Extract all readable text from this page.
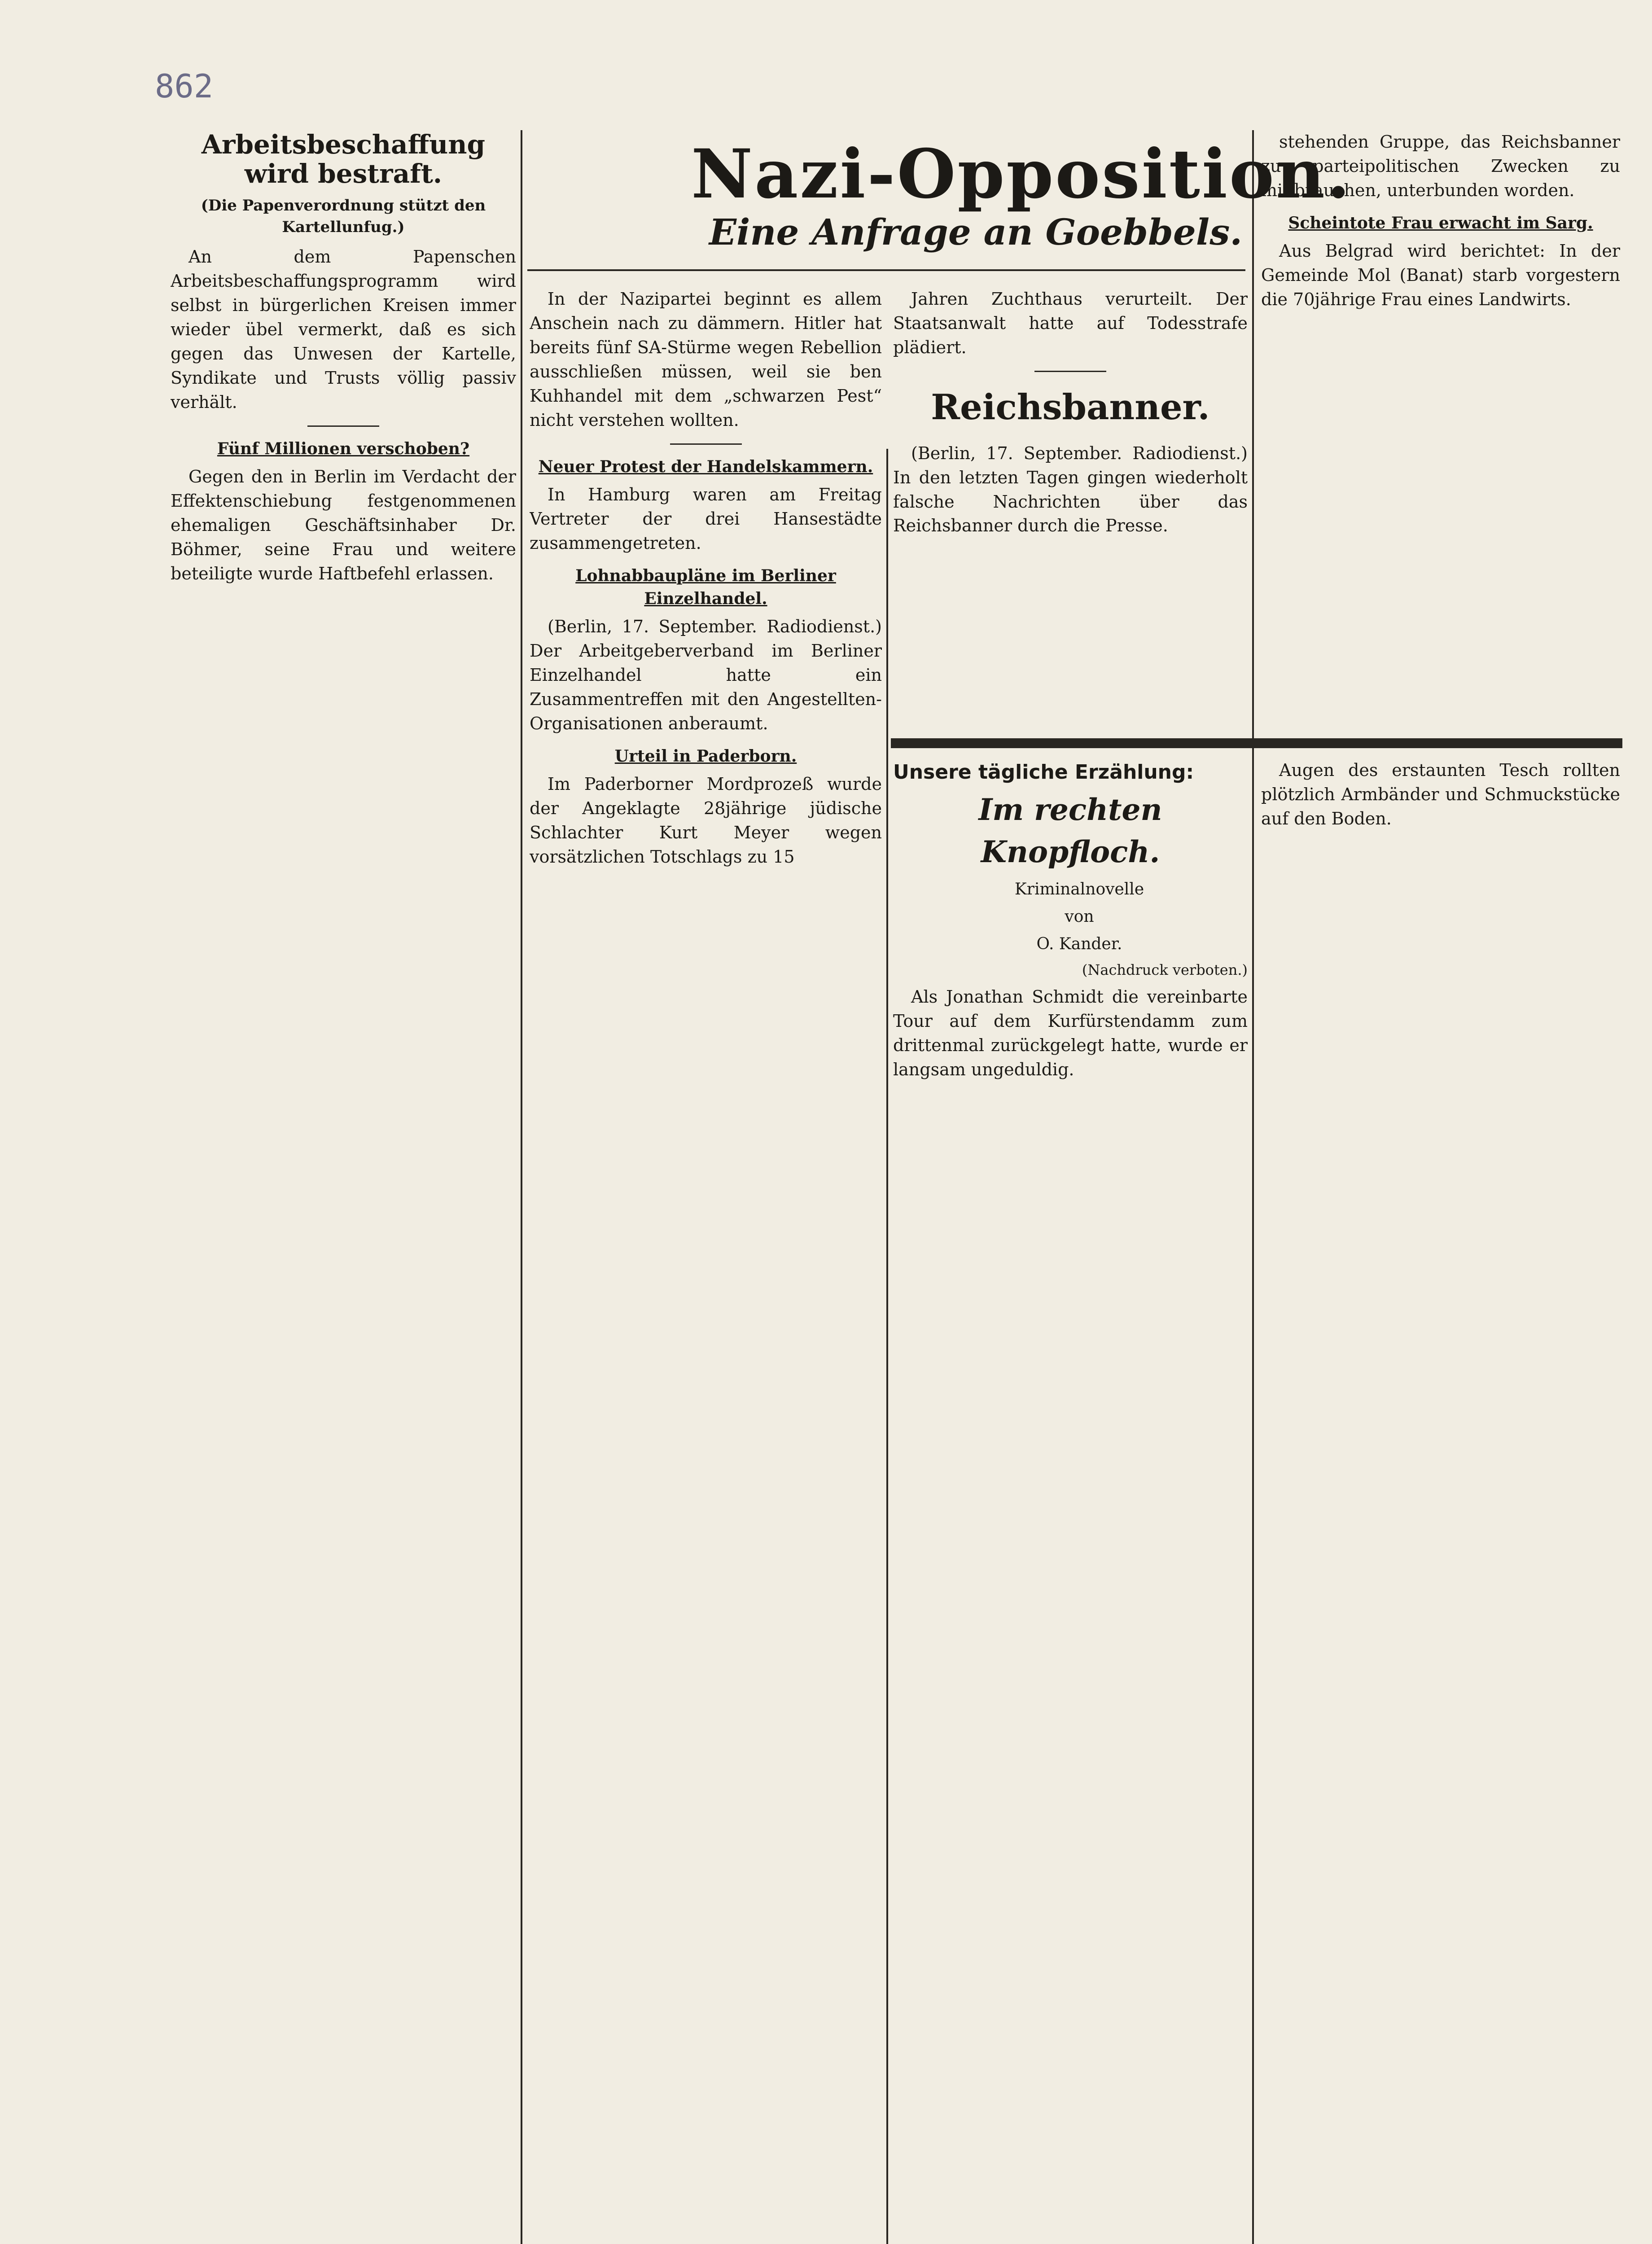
862
Arbeitsbeschaffung wird bestraft.
(Die Papenverordnung stützt den Kartellunfug.)

An dem Papenschen Arbeitsbeschaffungsprogramm wird selbst in bürgerlichen Kreisen immer wieder übel vermerkt, daß es sich gegen das Unwesen der Kartelle, Syndikate und Trusts völlig passiv verhält.

Fünf Millionen verschoben?

Gegen den in Berlin im Verdacht der Effektenschiebung festgenommenen ehemaligen Geschäftsinhaber Dr. Böhmer, seine Frau und weitere beteiligte wurde Haftbefehl erlassen.

Nazi-Opposition.
Eine Anfrage an Goebbels.

In der Nazipartei beginnt es allem Anschein nach zu dämmern. Hitler hat bereits fünf SA-Stürme wegen Rebellion ausschließen müssen, weil sie ben Kuhhandel mit dem „schwarzen Pest“ nicht verstehen wollten.

Neuer Protest der Handelskammern.

In Hamburg waren am Freitag Vertreter der drei Hansestädte zusammengetreten.

Lohnabbaupläne im Berliner Einzelhandel.

(Berlin, 17. September. Radiodienst.) Der Arbeitgeberverband im Berliner Einzelhandel hatte ein Zusammentreffen mit den Angestellten-Organisationen anberaumt.

Urteil in Paderborn.

Im Paderborner Mordprozeß wurde der Angeklagte 28jährige jüdische Schlachter Kurt Meyer wegen vorsätzlichen Totschlags zu 15

Jahren Zuchthaus verurteilt. Der Staatsanwalt hatte auf Todesstrafe plädiert.

Reichsbanner.

(Berlin, 17. September. Radiodienst.) In den letzten Tagen gingen wiederholt falsche Nachrichten über das Reichsbanner durch die Presse.

stehenden Gruppe, das Reichsbanner zu parteipolitischen Zwecken zu mißbrauchen, unterbunden worden.

Scheintote Frau erwacht im Sarg.

Aus Belgrad wird berichtet: In der Gemeinde Mol (Banat) starb vorgestern die 70jährige Frau eines Landwirts.

Unsere tägliche Erzählung:
Im rechten Knopfloch.

Kriminalnovelle

von

O. Kander.

(Nachdruck verboten.)

Als Jonathan Schmidt die vereinbarte Tour auf dem Kurfürstendamm zum drittenmal zurückgelegt hatte, wurde er langsam ungeduldig.

Augen des erstaunten Tesch rollten plötzlich Armbänder und Schmuckstücke auf den Boden.
